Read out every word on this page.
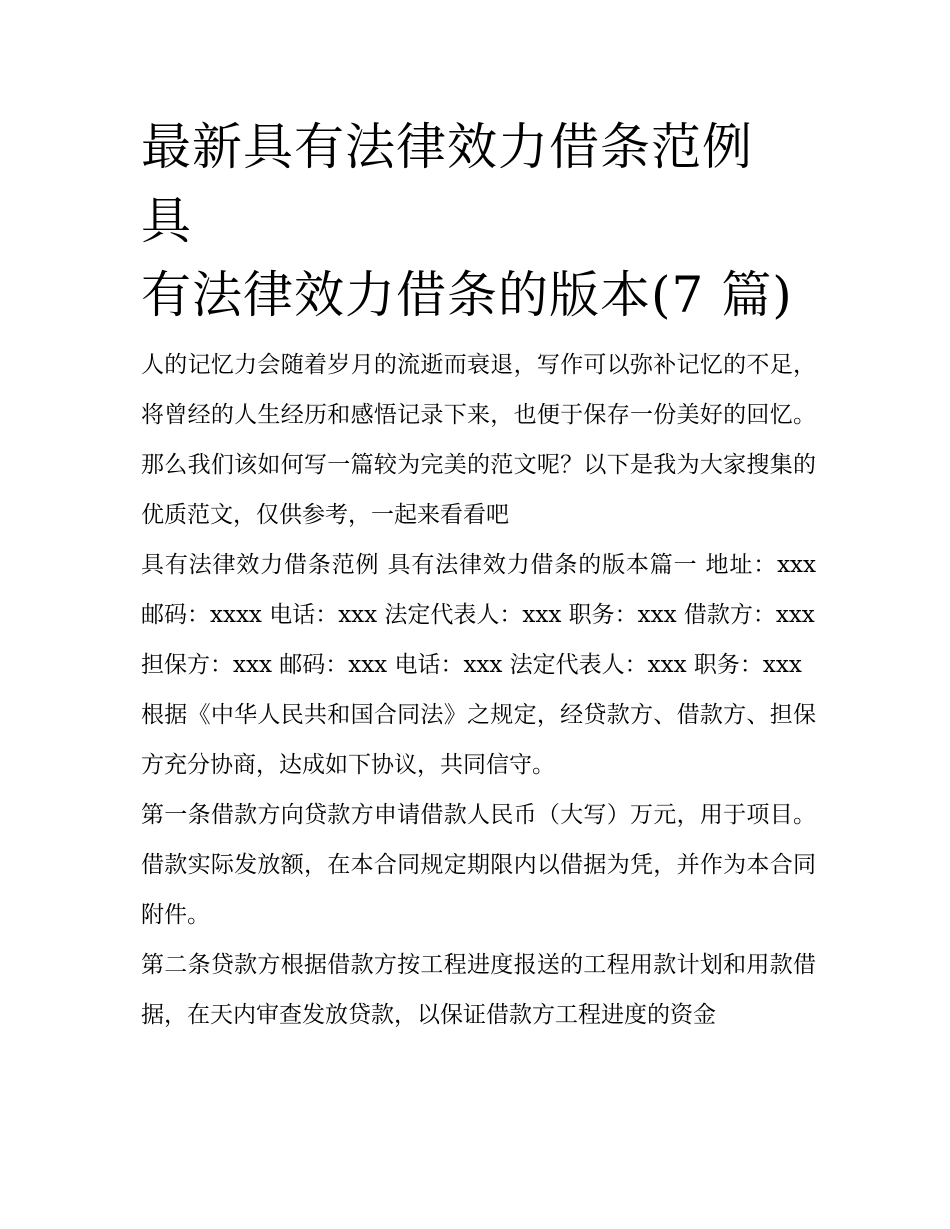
最新具有法律效力借条范例 具
有法律效力借条的版本(7 篇)

人的记忆力会随着岁月的流逝而衰退，写作可以弥补记忆的不足，将曾经的人生经历和感悟记录下来，也便于保存一份美好的回忆。那么我们该如何写一篇较为完美的范文呢？以下是我为大家搜集的优质范文，仅供参考，一起来看看吧

具有法律效力借条范例 具有法律效力借条的版本篇一 地址：xxx 邮码：xxxx 电话：xxx 法定代表人：xxx 职务：xxx 借款方：xxx

担保方：xxx 邮码：xxx 电话：xxx 法定代表人：xxx 职务：xxx

根据《中华人民共和国合同法》之规定，经贷款方、借款方、担保方充分协商，达成如下协议，共同信守。

第一条借款方向贷款方申请借款人民币（大写）万元，用于项目。借款实际发放额，在本合同规定期限内以借据为凭，并作为本合同附件。

第二条贷款方根据借款方按工程进度报送的工程用款计划和用款借据，在天内审查发放贷款，以保证借款方工程进度的资金
